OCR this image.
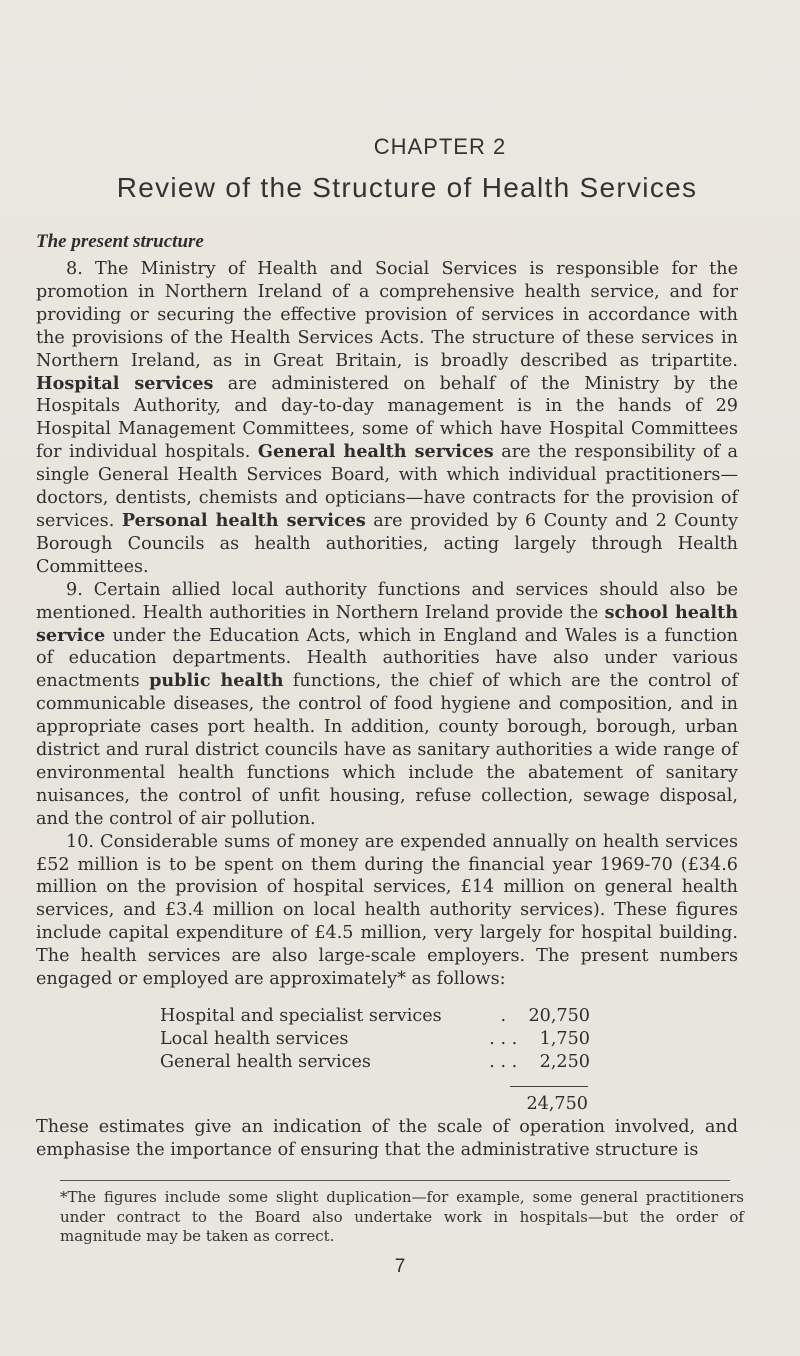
CHAPTER 2
Review of the Structure of Health Services
The present structure

8. The Ministry of Health and Social Services is responsible for the promotion in Northern Ireland of a comprehensive health service, and for providing or securing the effective provision of services in accordance with the provisions of the Health Services Acts. The structure of these services in Northern Ireland, as in Great Britain, is broadly described as tripartite. Hospital services are administered on behalf of the Ministry by the Hospitals Authority, and day-to-day management is in the hands of 29 Hospital Management Committees, some of which have Hospital Committees for individual hospitals. General health services are the responsibility of a single General Health Services Board, with which individual practitioners—doctors, dentists, chemists and opticians—have contracts for the provision of services. Personal health services are provided by 6 County and 2 County Borough Councils as health authorities, acting largely through Health Committees.

9. Certain allied local authority functions and services should also be mentioned. Health authorities in Northern Ireland provide the school health service under the Education Acts, which in England and Wales is a function of education departments. Health authorities have also under various enactments public health functions, the chief of which are the control of communicable diseases, the control of food hygiene and composition, and in appropriate cases port health. In addition, county borough, borough, urban district and rural district councils have as sanitary authorities a wide range of environmental health functions which include the abatement of sanitary nuisances, the control of unfit housing, refuse collection, sewage disposal, and the control of air pollution.

10. Considerable sums of money are expended annually on health services £52 million is to be spent on them during the financial year 1969-70 (£34.6 million on the provision of hospital services, £14 million on general health services, and £3.4 million on local health authority services). These figures include capital expenditure of £4.5 million, very largely for hospital building. The health services are also large-scale employers. The present numbers engaged or employed are approximately* as follows:

Hospital and specialist services	. 20,750
Local health services	. . . 1,750
General health services	. . . 2,250
24,750

These estimates give an indication of the scale of operation involved, and emphasise the importance of ensuring that the administrative structure is

*The figures include some slight duplication—for example, some general practitioners under contract to the Board also undertake work in hospitals—but the order of magnitude may be taken as correct.
7
